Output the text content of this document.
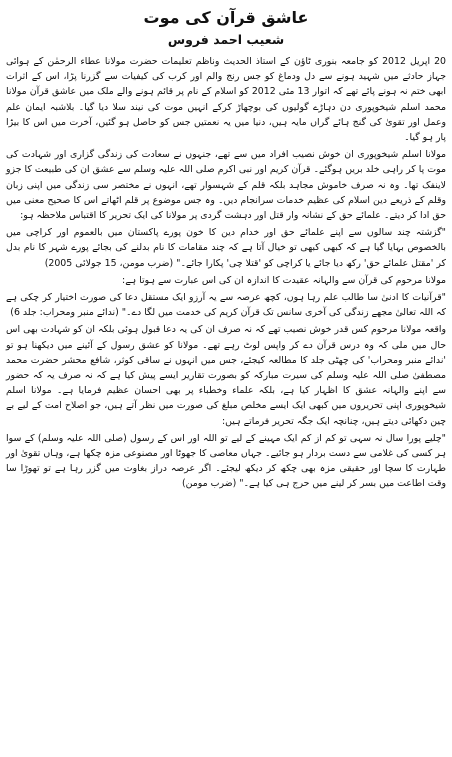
عاشق قرآن کی موت
شعیب احمد فروس

20 اپریل 2012 کو جامعہ بنوری ٹاؤن کے استاذ الحدیث وناظم تعلیمات حضرت مولانا عطاء الرحمٰن کے ہوائی جہاز حادثے میں شہید ہونے سے دل ودماغ کو جس رنج والم اور کرب کی کیفیات سے گزرنا پڑا، اس کے اثرات ابھی ختم نہ ہونے پائے تھے کہ اتوار 13 مئی 2012 کو اسلام کے نام پر قائم ہونے والے ملک میں عاشق قرآن مولانا محمد اسلم شیخوپوری دن دہاڑے گولیوں کی بوچھاڑ کرکے انہیں موت کی نیند سلا دیا گیا۔ بلاشبہ ایمان علم وعمل اور تقویٰ کی گنج ہائے گراں مایہ ہیں، دنیا میں یہ نعمتیں جس کو حاصل ہو گئیں، آخرت میں اس کا بیڑا پار ہو گیا۔

مولانا اسلم شیخوپوری ان خوش نصیب افراد میں سے تھے، جنہوں نے سعادت کی زندگی گزاری اور شہادت کی موت پا کر راہی خلد بریں ہوگئے۔ قرآن کریم اور نبی اکرم صلی اللہ علیہ وسلم سے عشق ان کی طبیعت کا جزو لاینفک تھا۔ وہ نہ صرف خاموش مجاہد بلکہ قلم کے شہسوار تھے، انہوں نے مختصر سی زندگی میں اپنی زبان وقلم کے ذریعے دین اسلام کی عظیم خدمات سرانجام دیں۔ وہ جس موضوع پر قلم اٹھاتے اس کا صحیح معنی میں حق ادا کر دیتے۔ علمائے حق کے نشانہ وار قتل اور دہشت گردی پر مولانا کی ایک تحریر کا اقتباس ملاحظہ ہو:

"گزشتہ چند سالوں سے اپنے علمائے حق اور خدام دین کا خون پورے پاکستان میں بالعموم اور کراچی میں بالخصوص بہایا گیا ہے کہ کبھی کبھی تو خیال آتا ہے کہ چند مقامات کا نام بدلنے کی بجائے پورے شہر کا نام بدل کر 'مقتل علمائے حق' رکھ دیا جائے یا کراچی کو 'قتلا چی' پکارا جائے۔" (ضرب مومن، 15 جولائی 2005)

مولانا مرحوم کی قرآن سے والہانہ عقیدت کا اندازہ ان کی اس عبارت سے ہوتا ہے:

"قرآنیات کا ادنیٰ سا طالب علم رہا ہوں، کچھ عرصہ سے یہ آرزو ایک مستقل دعا کی صورت اختیار کر چکی ہے کہ اللہ تعالیٰ مجھے زندگی کی آخری سانس تک قرآن کریم کی خدمت میں لگا دے۔" (ندائے منبر ومحراب: جلد 6)

واقعہ مولانا مرحوم کس قدر خوش نصیب تھے کہ نہ صرف ان کی یہ دعا قبول ہوئی بلکہ ان کو شہادت بھی اس حال میں ملی کہ وہ درس قرآن دے کر واپس لوٹ رہے تھے۔ مولانا کو عشق رسول کے آئینے میں دیکھنا ہو تو 'ندائے منبر ومحراب' کی چھٹی جلد کا مطالعہ کیجئے، جس میں انہوں نے ساقی کوثر، شافع محشر حضرت محمد مصطفیٰ صلی اللہ علیہ وسلم کی سیرت مبارکہ کو بصورت تقاریر ایسے پیش کیا ہے کہ نہ صرف یہ کہ حضور سے اپنے والہانہ عشق کا اظہار کیا ہے، بلکہ علماء وخطباء پر بھی احسان عظیم فرمایا ہے۔ مولانا اسلم شیخوپوری اپنی تحریروں میں کبھی ایک ایسے مخلص مبلغ کی صورت میں نظر آتے ہیں، جو اصلاح امت کے لیے بے چین دکھائی دیتے ہیں، چنانچہ ایک جگہ تحریر فرماتے ہیں:

"چلیے پورا سال نہ سہی تو کم از کم ایک مہینے کے لیے تو اللہ اور اس کے رسول (صلی اللہ علیہ وسلم) کے سوا ہر کسی کی غلامی سے دست بردار ہو جائیے۔ جہاں معاصی کا جھوٹا اور مصنوعی مزہ چکھا ہے، وہاں تقویٰ اور طہارت کا سچا اور حقیقی مزہ بھی چکھ کر دیکھ لیجئے۔ اگر عرصہ دراز بغاوت میں گزر رہا ہے تو تھوڑا سا وقت اطاعت میں بسر کر لینے میں حرج ہی کیا ہے۔" (ضرب مومن)
